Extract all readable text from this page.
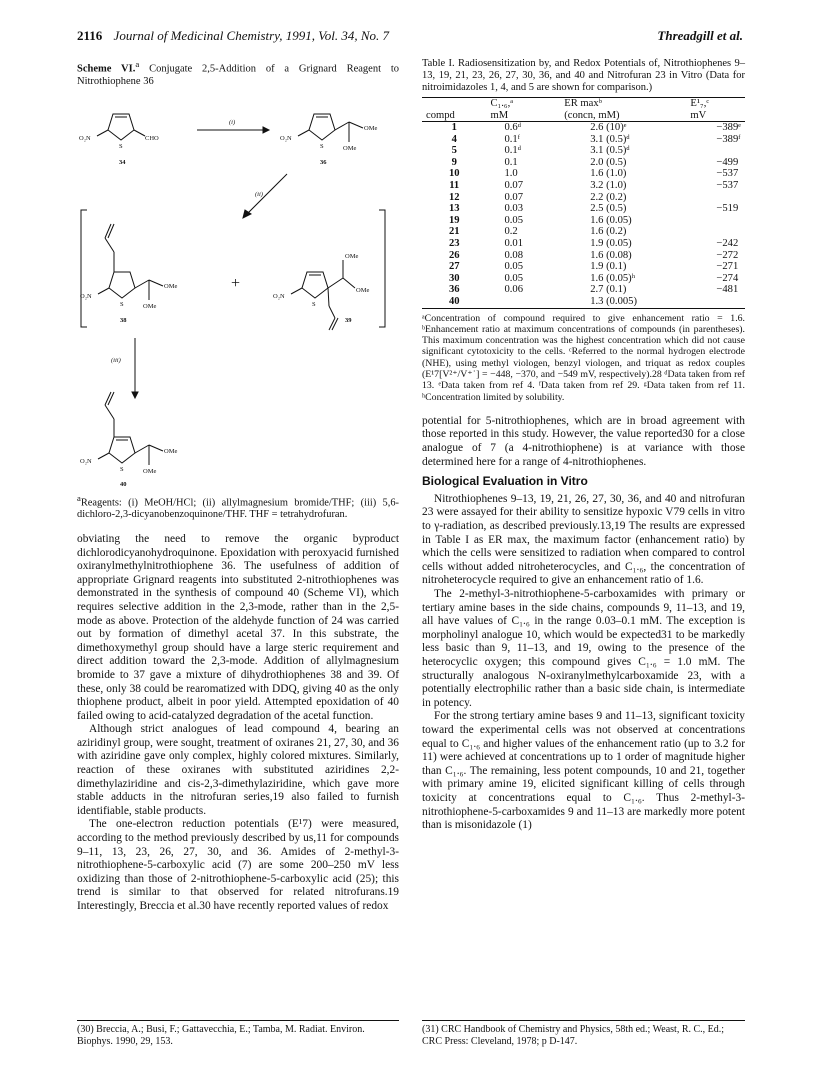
2116 Journal of Medicinal Chemistry, 1991, Vol. 34, No. 7	Threadgill et al.
Scheme VI.$^a$ Conjugate 2,5-Addition of a Grignard Reagent to Nitrothiophene 36
O₂N
S
CHO
34
(i)
O₂N
S
OMe
OMe
36
(ii)
O₂N
S
OMe
OMe
38
+
O₂N
S
OMe
OMe
39
(iii)
O₂N
S
OMe
OMe
40
$^a$Reagents: (i) MeOH/HCl; (ii) allylmagnesium bromide/THF; (iii) 5,6-dichloro-2,3-dicyanobenzoquinone/THF. THF = tetrahydrofuran.

obviating the need to remove the organic byproduct dichlorodicyanohydroquinone. Epoxidation with peroxyacid furnished oxiranylmethylnitrothiophene 36. The usefulness of addition of appropriate Grignard reagents into substituted 2-nitrothiophenes was demonstrated in the synthesis of compound 40 (Scheme VI), which requires selective addition in the 2,3-mode, rather than in the 2,5-mode as above. Protection of the aldehyde function of 24 was carried out by formation of dimethyl acetal 37. In this substrate, the dimethoxymethyl group should have a large steric requirement and direct addition toward the 2,3-mode. Addition of allylmagnesium bromide to 37 gave a mixture of dihydrothiophenes 38 and 39. Of these, only 38 could be rearomatized with DDQ, giving 40 as the only thiophene product, albeit in poor yield. Attempted epoxidation of 40 failed owing to acid-catalyzed degradation of the acetal function.

Although strict analogues of lead compound 4, bearing an aziridinyl group, were sought, treatment of oxiranes 21, 27, 30, and 36 with aziridine gave only complex, highly colored mixtures. Similarly, reaction of these oxiranes with substituted aziridines 2,2-dimethylaziridine and cis-2,3-dimethylaziridine, which gave more stable adducts in the nitrofuran series,19 also failed to furnish identifiable, stable products.

The one-electron reduction potentials (E¹7) were measured, according to the method previously described by us,11 for compounds 9–11, 13, 23, 26, 27, 30, and 36. Amides of 2-methyl-3-nitrothiophene-5-carboxylic acid (7) are some 200–250 mV less oxidizing than those of 2-nitrothiophene-5-carboxylic acid (25); this trend is similar to that observed for related nitrofurans.19 Interestingly, Breccia et al.30 have recently reported values of redox

Table I. Radiosensitization by, and Redox Potentials of, Nitrothiophenes 9–13, 19, 21, 23, 26, 27, 30, 36, and 40 and Nitrofuran 23 in Vitro (Data for nitroimidazoles 1, 4, and 5 are shown for comparison.)
	C₁.₆,ᵃ	ER maxᵇ	E¹₇,ᶜ
compd	mM	(concn, mM)	mV
1	0.6ᵈ	2.6 (10)ᵉ	−389ᵉ
4	0.1ᶠ	3.1 (0.5)ᵈ	−389ᶠ
5	0.1ᵈ	3.1 (0.5)ᵈ	
9	0.1	2.0 (0.5)	−499
10	1.0	1.6 (1.0)	−537
11	0.07	3.2 (1.0)	−537
12	0.07	2.2 (0.2)	
13	0.03	2.5 (0.5)	−519
19	0.05	1.6 (0.05)	
21	0.2	1.6 (0.2)	
23	0.01	1.9 (0.05)	−242
26	0.08	1.6 (0.08)	−272
27	0.05	1.9 (0.1)	−271
30	0.05	1.6 (0.05)ʰ	−274
36	0.06	2.7 (0.1)	−481
40		1.3 (0.005)	
ᵃConcentration of compound required to give enhancement ratio = 1.6. ᵇEnhancement ratio at maximum concentrations of compounds (in parentheses). This maximum concentration was the highest concentration which did not cause significant cytotoxicity to the cells. ᶜReferred to the normal hydrogen electrode (NHE), using methyl viologen, benzyl viologen, and triquat as redox couples (E¹7[V²⁺/V⁺˙] = −448, −370, and −549 mV, respectively).28 ᵈData taken from ref 13. ᵉData taken from ref 4. ᶠData taken from ref 29. ᵍData taken from ref 11. ʰConcentration limited by solubility.

potential for 5-nitrothiophenes, which are in broad agreement with those reported in this study. However, the value reported30 for a close analogue of 7 (a 4-nitrothiophene) is at variance with those determined here for a range of 4-nitrothiophenes.

Biological Evaluation in Vitro

Nitrothiophenes 9–13, 19, 21, 26, 27, 30, 36, and 40 and nitrofuran 23 were assayed for their ability to sensitize hypoxic V79 cells in vitro to γ-radiation, as described previously.13,19 The results are expressed in Table I as ER max, the maximum factor (enhancement ratio) by which the cells were sensitized to radiation when compared to control cells without added nitroheterocycles, and C₁.₆, the concentration of nitroheterocycle required to give an enhancement ratio of 1.6.

The 2-methyl-3-nitrothiophene-5-carboxamides with primary or tertiary amine bases in the side chains, compounds 9, 11–13, and 19, all have values of C₁.₆ in the range 0.03–0.1 mM. The exception is morpholinyl analogue 10, which would be expected31 to be markedly less basic than 9, 11–13, and 19, owing to the presence of the heterocyclic oxygen; this compound gives C₁.₆ = 1.0 mM. The structurally analogous N-oxiranylmethylcarboxamide 23, with a potentially electrophilic rather than a basic side chain, is intermediate in potency.

For the strong tertiary amine bases 9 and 11–13, significant toxicity toward the experimental cells was not observed at concentrations equal to C₁.₆ and higher values of the enhancement ratio (up to 3.2 for 11) were achieved at concentrations up to 1 order of magnitude higher than C₁.₆. The remaining, less potent compounds, 10 and 21, together with primary amine 19, elicited significant killing of cells through toxicity at concentrations equal to C₁.₆. Thus 2-methyl-3-nitrothiophene-5-carboxamides 9 and 11–13 are markedly more potent than is misonidazole (1)

(30) Breccia, A.; Busi, F.; Gattavecchia, E.; Tamba, M. Radiat. Environ. Biophys. 1990, 29, 153.
(31) CRC Handbook of Chemistry and Physics, 58th ed.; Weast, R. C., Ed.; CRC Press: Cleveland, 1978; p D-147.
